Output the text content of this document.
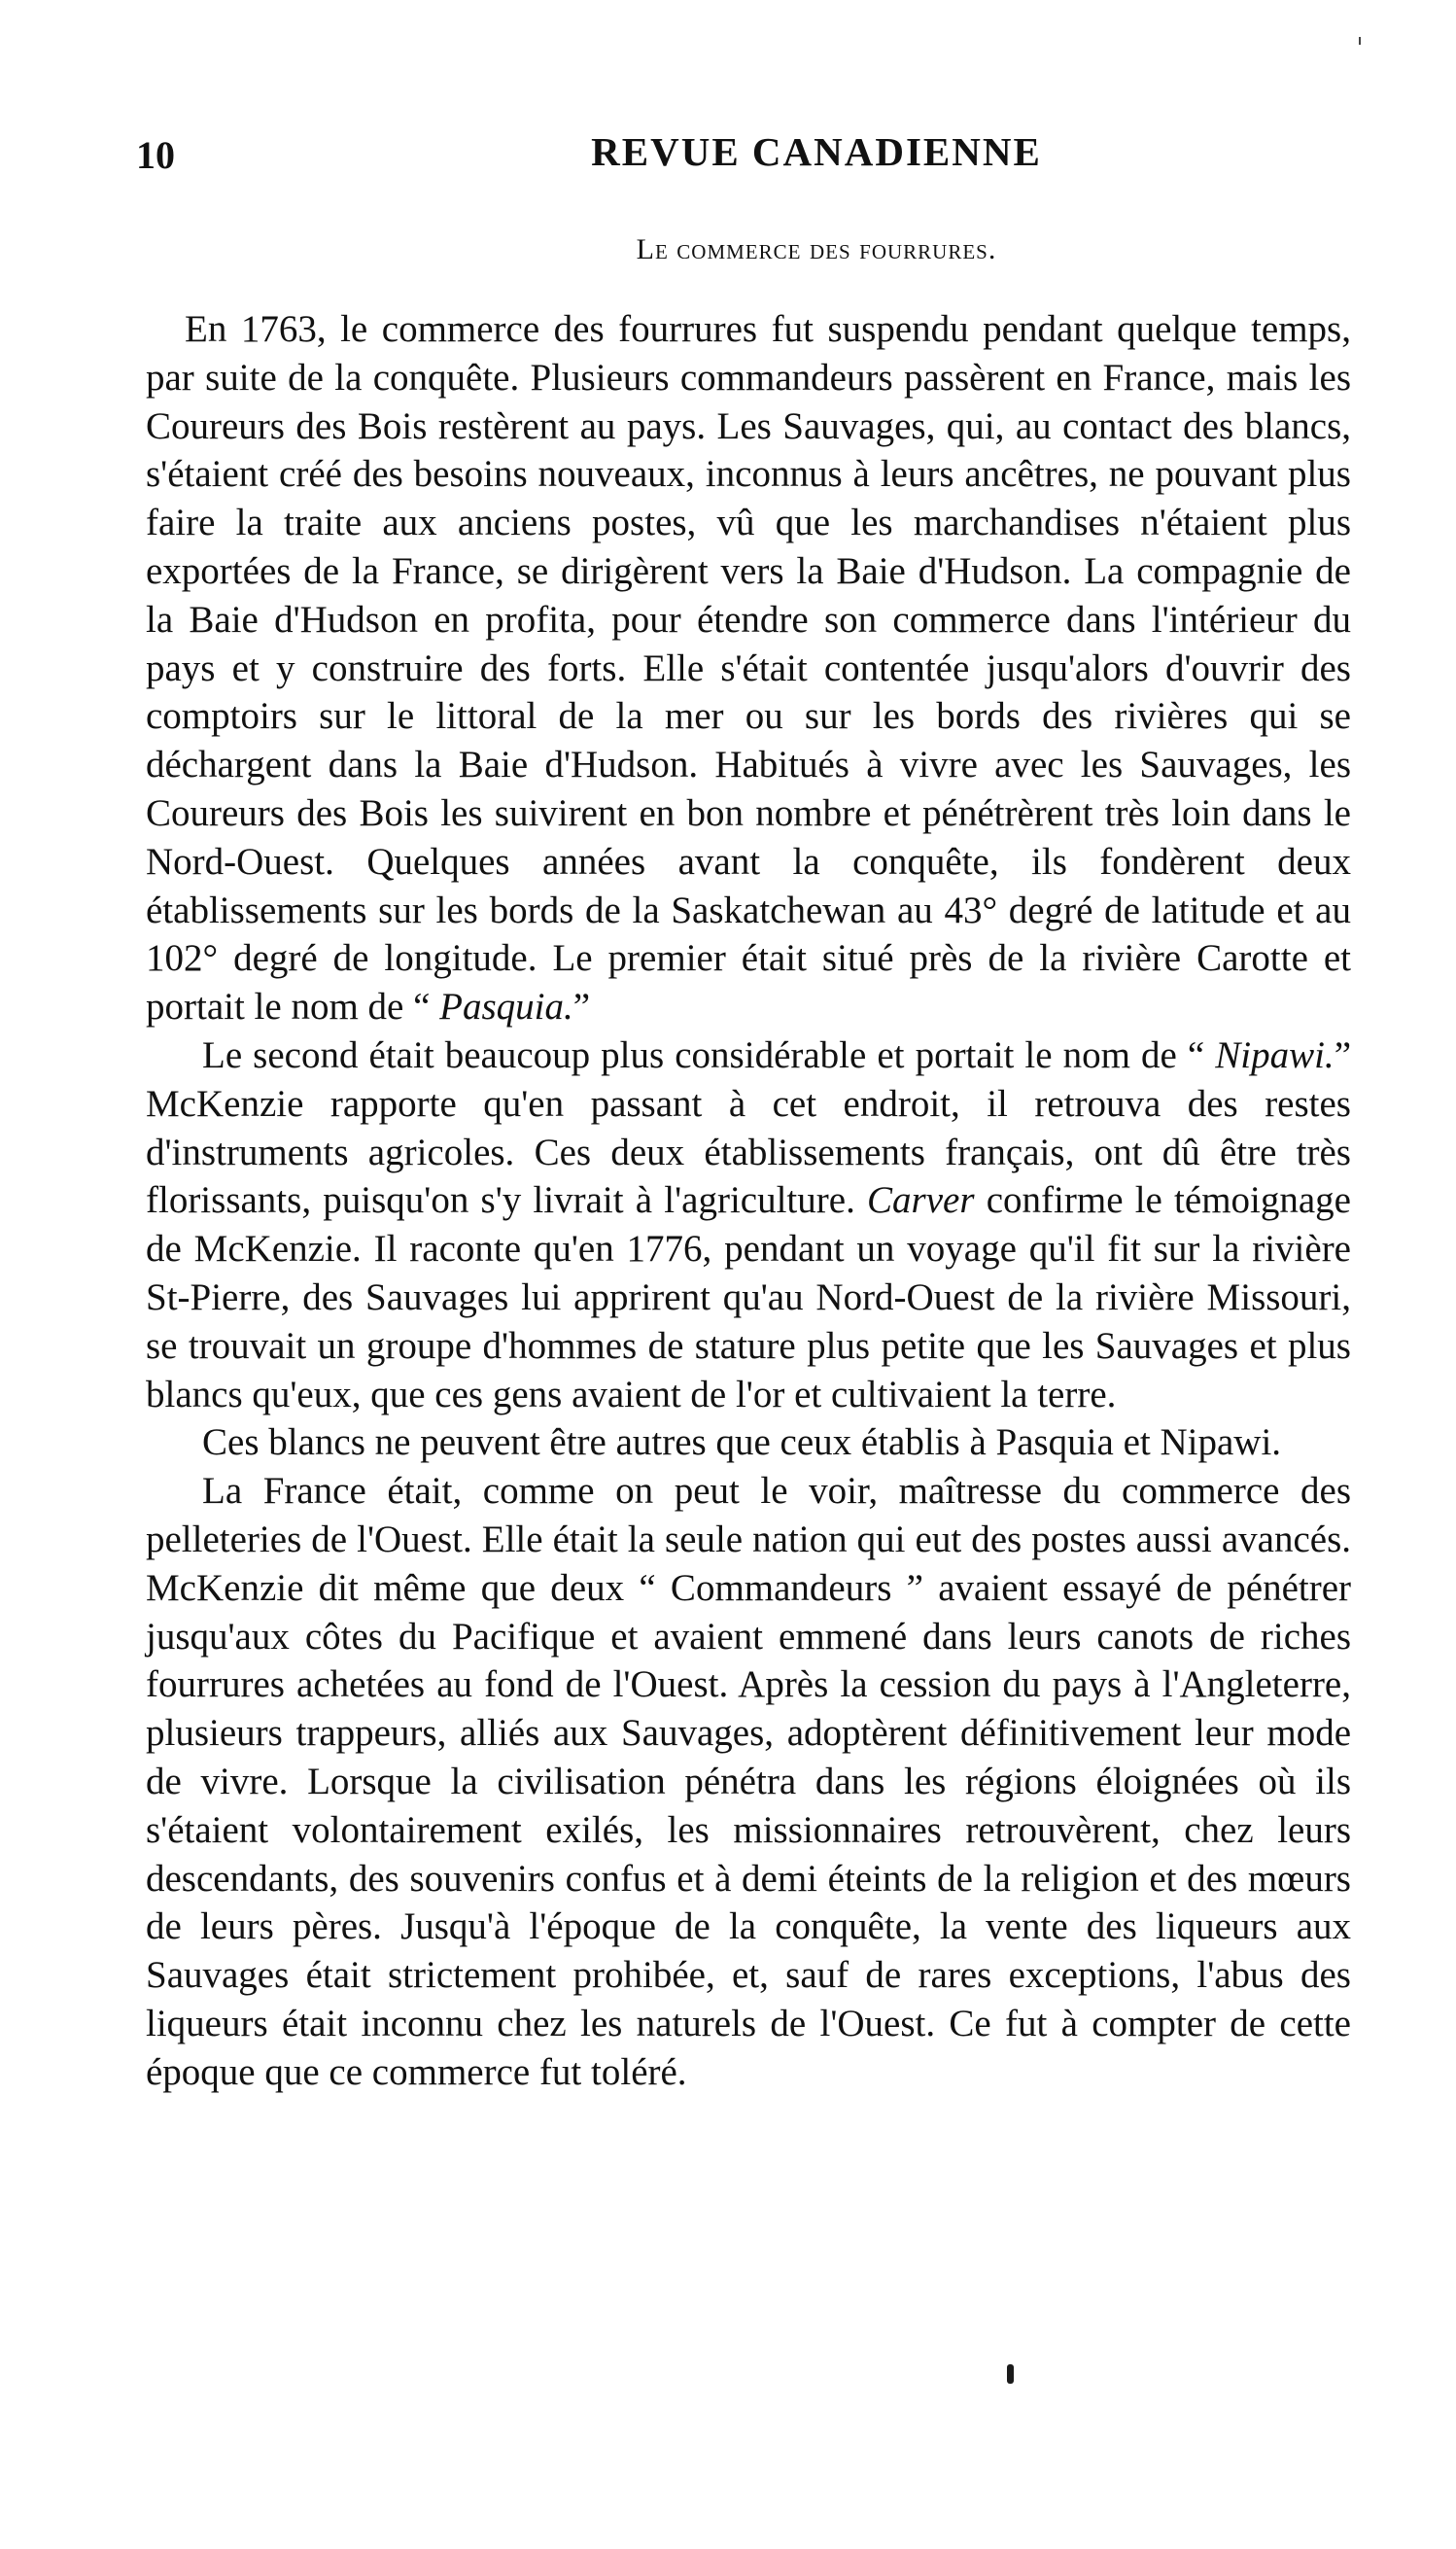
10	REVUE CANADIENNE
Le commerce des fourrures.

En 1763, le commerce des fourrures fut suspendu pendant quelque temps, par suite de la conquête. Plusieurs commandeurs passèrent en France, mais les Coureurs des Bois restèrent au pays. Les Sauvages, qui, au contact des blancs, s'étaient créé des besoins nouveaux, inconnus à leurs ancêtres, ne pouvant plus faire la traite aux anciens postes, vû que les marchandises n'étaient plus exportées de la France, se dirigèrent vers la Baie d'Hudson. La compagnie de la Baie d'Hudson en profita, pour étendre son commerce dans l'intérieur du pays et y construire des forts. Elle s'était contentée jusqu'alors d'ouvrir des comptoirs sur le littoral de la mer ou sur les bords des rivières qui se déchargent dans la Baie d'Hudson. Habitués à vivre avec les Sauvages, les Coureurs des Bois les suivirent en bon nombre et pénétrèrent très loin dans le Nord-Ouest. Quelques années avant la conquête, ils fondèrent deux établissements sur les bords de la Saskatchewan au 43° degré de latitude et au 102° degré de longitude. Le premier était situé près de la rivière Carotte et portait le nom de “ Pasquia.”

Le second était beaucoup plus considérable et portait le nom de “ Nipawi.” McKenzie rapporte qu'en passant à cet endroit, il retrouva des restes d'instruments agricoles. Ces deux établissements français, ont dû être très florissants, puisqu'on s'y livrait à l'agriculture. Carver confirme le témoignage de McKenzie. Il raconte qu'en 1776, pendant un voyage qu'il fit sur la rivière St-Pierre, des Sauvages lui apprirent qu'au Nord-Ouest de la rivière Missouri, se trouvait un groupe d'hommes de stature plus petite que les Sauvages et plus blancs qu'eux, que ces gens avaient de l'or et cultivaient la terre.

Ces blancs ne peuvent être autres que ceux établis à Pasquia et Nipawi.

La France était, comme on peut le voir, maîtresse du commerce des pelleteries de l'Ouest. Elle était la seule nation qui eut des postes aussi avancés. McKenzie dit même que deux “ Commandeurs ” avaient essayé de pénétrer jusqu'aux côtes du Pacifique et avaient emmené dans leurs canots de riches fourrures achetées au fond de l'Ouest. Après la cession du pays à l'Angleterre, plusieurs trappeurs, alliés aux Sauvages, adoptèrent définitivement leur mode de vivre. Lorsque la civilisation pénétra dans les régions éloignées où ils s'étaient volontairement exilés, les missionnaires retrouvèrent, chez leurs descendants, des souvenirs confus et à demi éteints de la religion et des mœurs de leurs pères. Jusqu'à l'époque de la conquête, la vente des liqueurs aux Sauvages était strictement prohibée, et, sauf de rares exceptions, l'abus des liqueurs était inconnu chez les naturels de l'Ouest. Ce fut à compter de cette époque que ce commerce fut toléré.
